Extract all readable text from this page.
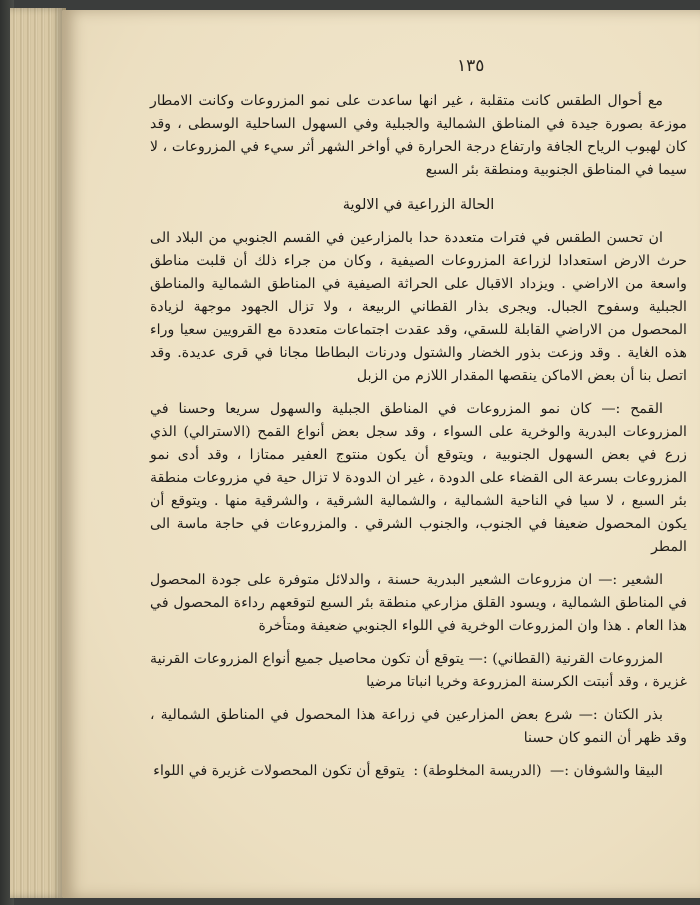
١٣٥

مع أحوال الطقس كانت متقلبة ، غير انها ساعدت على نمو المزروعات وكانت الامطار موزعة بصورة جيدة في المناطق الشمالية والجبلية وفي السهول الساحلية الوسطى ، وقد كان لهبوب الرياح الجافة وارتفاع درجة الحرارة في أواخر الشهر أثر سيء في المزروعات ، لا سيما في المناطق الجنوبية ومنطقة بئر السبع

الحالة الزراعية في الالوية

ان تحسن الطقس في فترات متعددة حدا بالمزارعين في القسم الجنوبي من البلاد الى حرث الارض استعدادا لزراعة المزروعات الصيفية ، وكان من جراء ذلك أن قلبت مناطق واسعة من الاراضي . ويزداد الاقبال على الحراثة الصيفية في المناطق الشمالية والمناطق الجبلية وسفوح الجبال. ويجرى بذار القطاني الربيعة ، ولا تزال الجهود موجهة لزيادة المحصول من الاراضي القابلة للسقي، وقد عقدت اجتماعات متعددة مع القرويين سعيا وراء هذه الغاية . وقد وزعت بذور الخضار والشتول ودرنات البطاطا مجانا في قرى عديدة. وقد اتصل بنا أن بعض الاماكن ينقصها المقدار اللازم من الزبل

القمح :— كان نمو المزروعات في المناطق الجبلية والسهول سريعا وحسنا في المزروعات البدرية والوخرية على السواء ، وقد سجل بعض أنواع القمح (الاسترالي) الذي زرع في بعض السهول الجنوبية ، ويتوقع أن يكون منتوج العفير ممتازا ، وقد أدى نمو المزروعات بسرعة الى القضاء على الدودة ، غير ان الدودة لا تزال حية في مزروعات منطقة بئر السبع ، لا سيا في الناحية الشمالية ، والشمالية الشرقية ، والشرقية منها . ويتوقع أن يكون المحصول ضعيفا في الجنوب، والجنوب الشرقي . والمزروعات في حاجة ماسة الى المطر

الشعير :— ان مزروعات الشعير البدرية حسنة ، والدلائل متوفرة على جودة المحصول في المناطق الشمالية ، ويسود القلق مزارعي منطقة بئر السبع لتوقعهم رداءة المحصول في هذا العام . هذا وان المزروعات الوخرية في اللواء الجنوبي ضعيفة ومتأخرة

المزروعات القرنية (القطاني) :— يتوقع أن تكون محاصيل جميع أنواع المزروعات القرنية غزيرة ، وقد أنبتت الكرسنة المزروعة وخريا انباتا مرضيا

بذر الكتان :— شرع بعض المزارعين في زراعة هذا المحصول في المناطق الشمالية ، وقد ظهر أن النمو كان حسنا

البيقا والشوفان :— (الدريسة المخلوطة) : يتوقع أن تكون المحصولات غزيرة في اللواء
